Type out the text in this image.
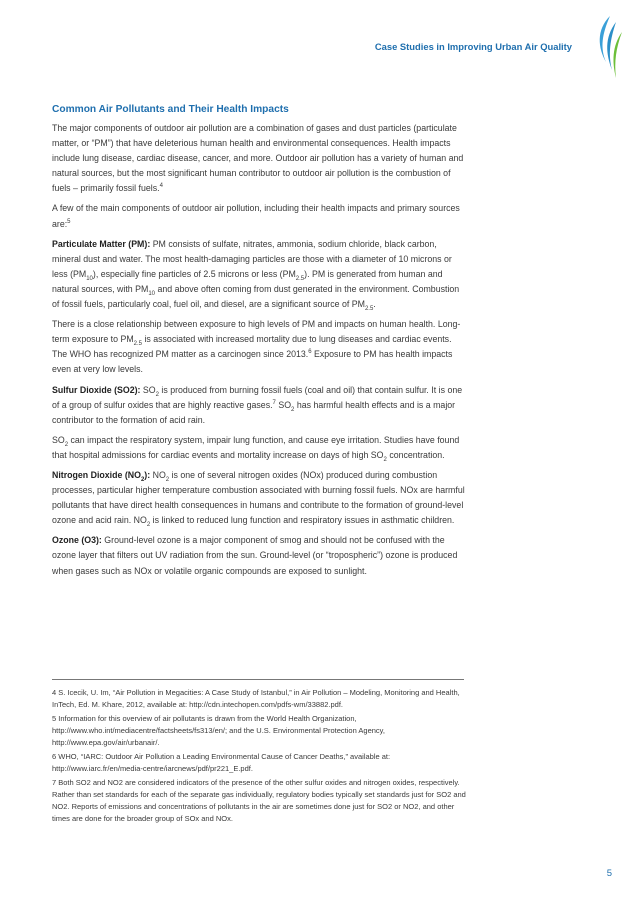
Case Studies in Improving Urban Air Quality
Common Air Pollutants and Their Health Impacts

The major components of outdoor air pollution are a combination of gases and dust particles (particulate matter, or “PM”) that have deleterious human health and environmental consequences. Health impacts include lung disease, cardiac disease, cancer, and more. Outdoor air pollution has a variety of human and natural sources, but the most significant human contributor to outdoor air pollution is the combustion of fuels – primarily fossil fuels.$^4$

A few of the main components of outdoor air pollution, including their health impacts and primary sources are:$^5$

Particulate Matter (PM): PM consists of sulfate, nitrates, ammonia, sodium chloride, black carbon, mineral dust and water. The most health-damaging particles are those with a diameter of 10 microns or less $(PM_{10})$, especially fine particles of 2.5 microns or less $(PM_{2.5})$. PM is generated from human and natural sources, with $PM_{10}$ and above often coming from dust generated in the environment. Combustion of fossil fuels, particularly coal, fuel oil, and diesel, are a significant source of $PM_{2.5}$.

There is a close relationship between exposure to high levels of PM and impacts on human health. Long-term exposure to $PM_{2.5}$ is associated with increased mortality due to lung diseases and cardiac events. The WHO has recognized PM matter as a carcinogen since 2013.$^6$ Exposure to PM has health impacts even at very low levels.

Sulfur Dioxide (SO2): $SO_2$ is produced from burning fossil fuels (coal and oil) that contain sulfur. It is one of a group of sulfur oxides that are highly reactive gases.$^7$ $SO_2$ has harmful health effects and is a major contributor to the formation of acid rain.

$SO_2$ can impact the respiratory system, impair lung function, and cause eye irritation. Studies have found that hospital admissions for cardiac events and mortality increase on days of high $SO_2$ concentration.

Nitrogen Dioxide $(NO_2)$: $NO_2$ is one of several nitrogen oxides (NOx) produced during combustion processes, particular higher temperature combustion associated with burning fossil fuels. NOx are harmful pollutants that have direct health consequences in humans and contribute to the formation of ground-level ozone and acid rain. $NO_2$ is linked to reduced lung function and respiratory issues in asthmatic children.

Ozone (O3): Ground-level ozone is a major component of smog and should not be confused with the ozone layer that filters out UV radiation from the sun. Ground-level (or “tropospheric”) ozone is produced when gases such as NOx or volatile organic compounds are exposed to sunlight.

4 S. Icecik, U. Im, “Air Pollution in Megacities: A Case Study of Istanbul,” in Air Pollution – Modeling, Monitoring and Health, InTech, Ed. M. Khare, 2012, available at: http://cdn.intechopen.com/pdfs-wm/33882.pdf.

5 Information for this overview of air pollutants is drawn from the World Health Organization, http://www.who.int/mediacentre/factsheets/fs313/en/; and the U.S. Environmental Protection Agency, http://www.epa.gov/air/urbanair/.

6 WHO, “IARC: Outdoor Air Pollution a Leading Environmental Cause of Cancer Deaths,” available at: http://www.iarc.fr/en/media-centre/iarcnews/pdf/pr221_E.pdf.

7 Both SO2 and NO2 are considered indicators of the presence of the other sulfur oxides and nitrogen oxides, respectively. Rather than set standards for each of the separate gas individually, regulatory bodies typically set standards just for SO2 and NO2. Reports of emissions and concentrations of pollutants in the air are sometimes done just for SO2 or NO2, and other times are done for the broader group of SOx and NOx.

5
